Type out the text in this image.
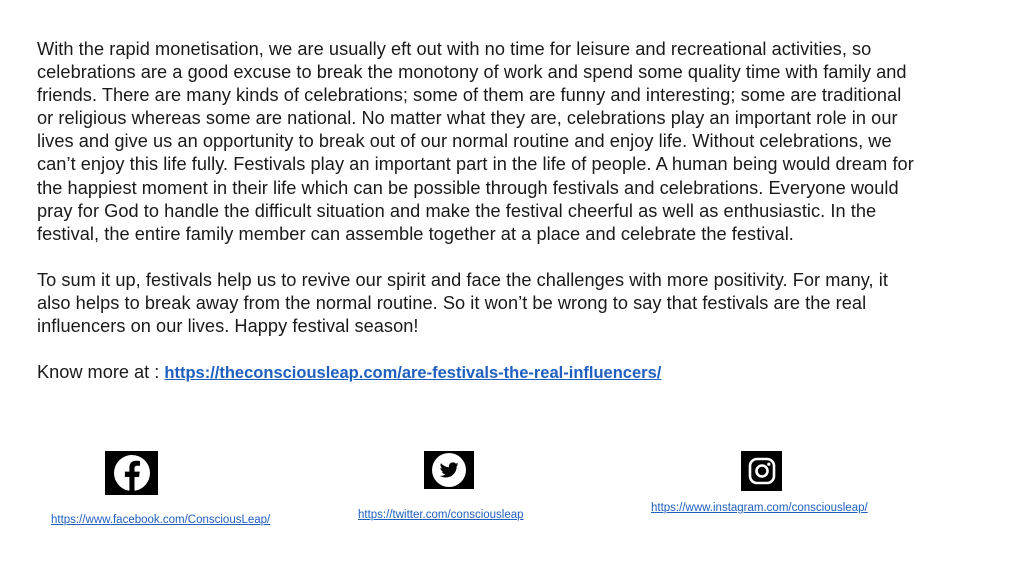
With the rapid monetisation, we are usually eft out with no time for leisure and recreational activities, so celebrations are a good excuse to break the monotony of work and spend some quality time with family and friends. There are many kinds of celebrations; some of them are funny and interesting; some are traditional or religious whereas some are national. No matter what they are, celebrations play an important role in our lives and give us an opportunity to break out of our normal routine and enjoy life. Without celebrations, we can’t enjoy this life fully. Festivals play an important part in the life of people. A human being would dream for the happiest moment in their life which can be possible through festivals and celebrations. Everyone would pray for God to handle the difficult situation and make the festival cheerful as well as enthusiastic. In the festival, the entire family member can assemble together at a place and celebrate the festival.

To sum it up, festivals help us to revive our spirit and face the challenges with more positivity. For many, it also helps to break away from the normal routine. So it won’t be wrong to say that festivals are the real influencers on our lives. Happy festival season!

Know more at : https://theconsciousleap.com/are-festivals-the-real-influencers/
https://www.facebook.com/ConsciousLeap/	https://twitter.com/consciousleap
https://www.instagram.com/consciousleap/
